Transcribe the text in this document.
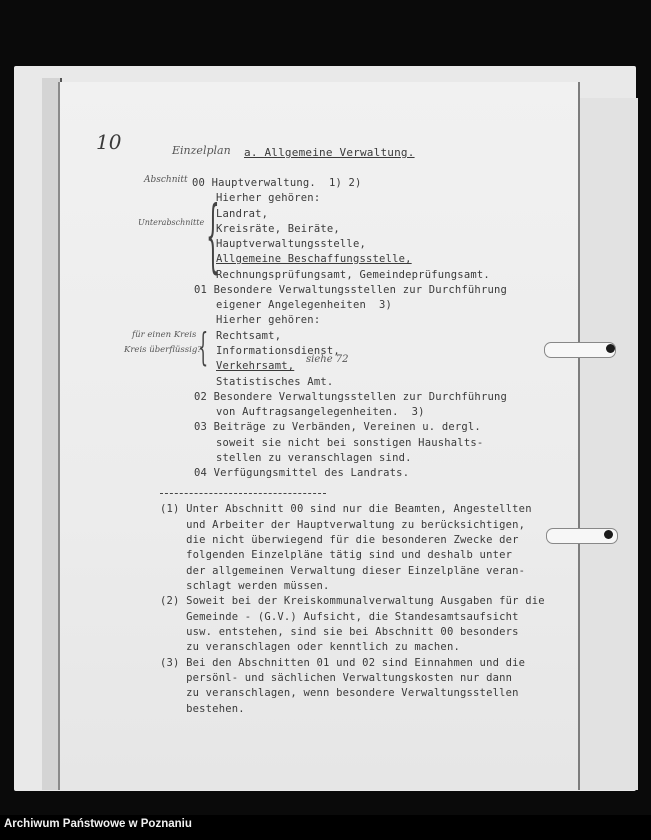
10	Einzelplan a. Allgemeine Verwaltung.
Abschnitt
Unterabschnitte
für einen Kreis
Kreis überflüssig?
siehe 72
{
{
00 Hauptverwaltung.  1) 2)
Hierher gehören:
Landrat,
Kreisräte, Beiräte,
Hauptverwaltungsstelle,
Allgemeine Beschaffungsstelle,
Rechnungsprüfungsamt, Gemeindeprüfungsamt.
01 Besondere Verwaltungsstellen zur Durchführung
eigener Angelegenheiten  3)
Hierher gehören:
Rechtsamt,
Informationsdienst,
Verkehrsamt,
Statistisches Amt.
02 Besondere Verwaltungsstellen zur Durchführung
von Auftragsangelegenheiten.  3)
03 Beiträge zu Verbänden, Vereinen u. dergl.
soweit sie nicht bei sonstigen Haushalts-
stellen zu veranschlagen sind.
04 Verfügungsmittel des Landrats.
(1) Unter Abschnitt 00 sind nur die Beamten, Angestellten
und Arbeiter der Hauptverwaltung zu berücksichtigen,
die nicht überwiegend für die besonderen Zwecke der
folgenden Einzelpläne tätig sind und deshalb unter
der allgemeinen Verwaltung dieser Einzelpläne veran-
schlagt werden müssen.
(2) Soweit bei der Kreiskommunalverwaltung Ausgaben für die
Gemeinde - (G.V.) Aufsicht, die Standesamtsaufsicht
usw. entstehen, sind sie bei Abschnitt 00 besonders
zu veranschlagen oder kenntlich zu machen.
(3) Bei den Abschnitten 01 und 02 sind Einnahmen und die
persönl- und sächlichen Verwaltungskosten nur dann
zu veranschlagen, wenn besondere Verwaltungsstellen
bestehen.
Archiwum Państwowe w Poznaniu
